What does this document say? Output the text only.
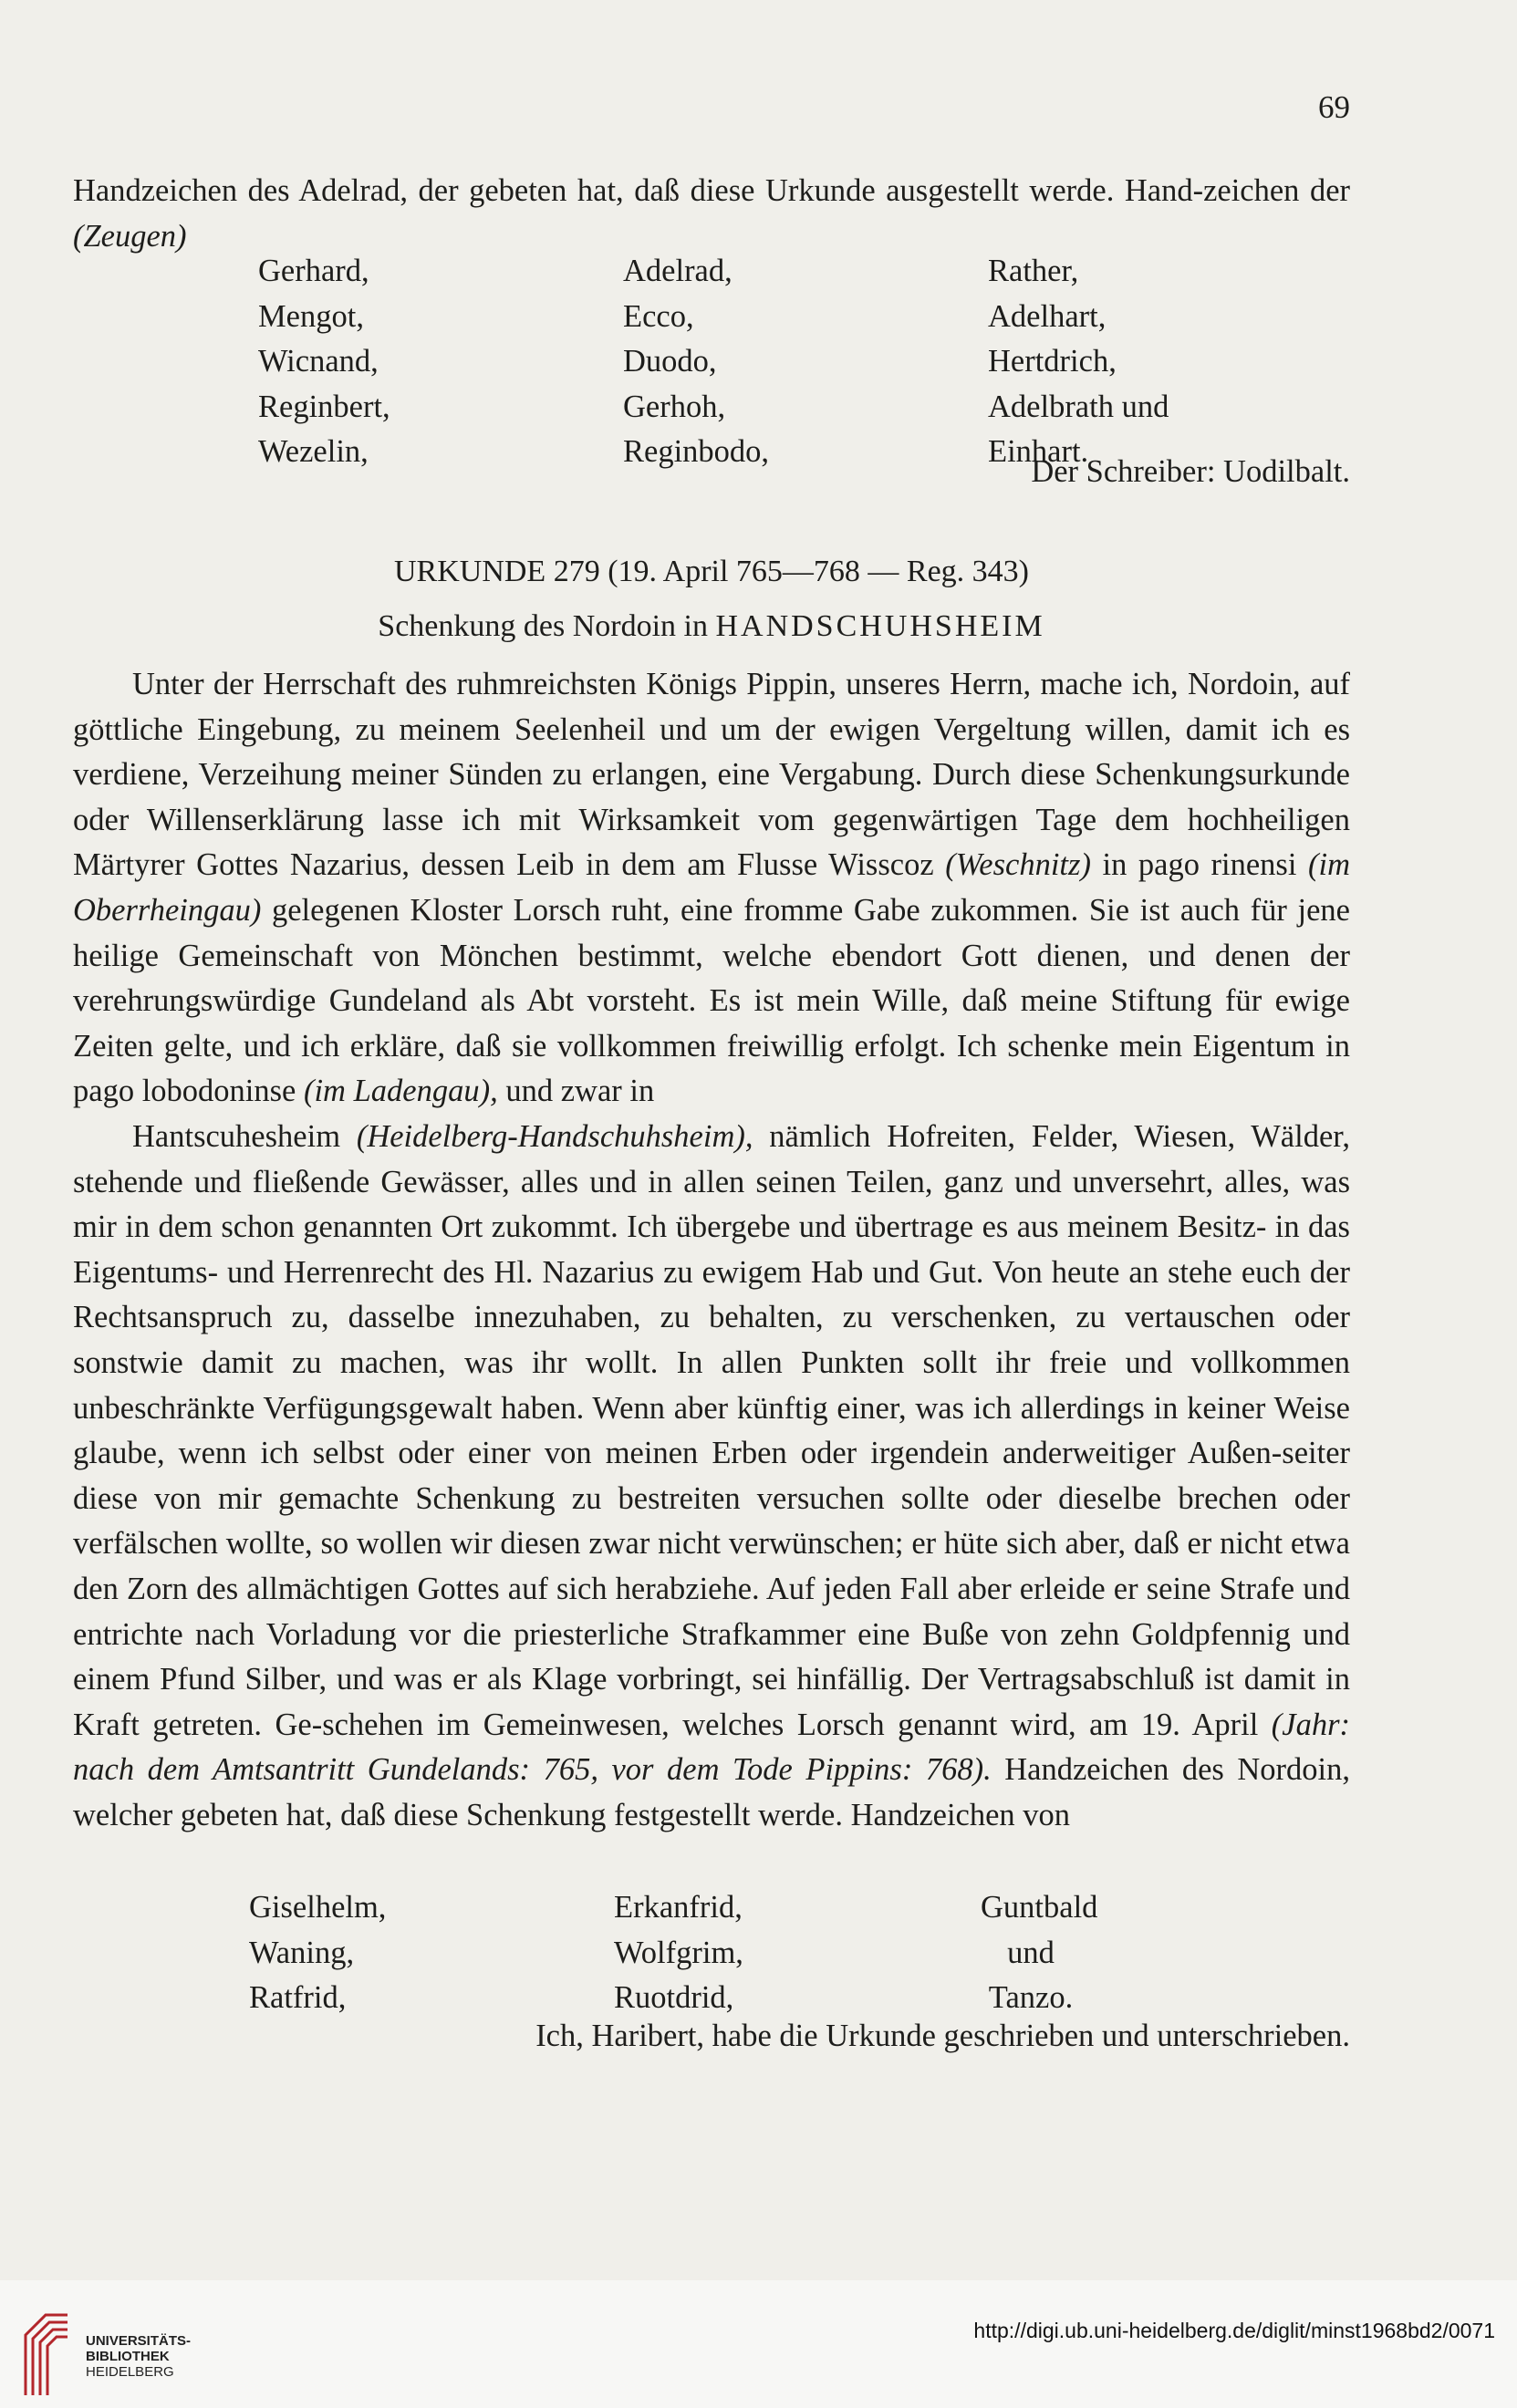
69

Handzeichen des Adelrad, der gebeten hat, daß diese Urkunde ausgestellt werde. Hand-zeichen der (Zeugen)

Gerhard,
Mengot,
Wicnand,
Reginbert,
Wezelin,
Adelrad,
Ecco,
Duodo,
Gerhoh,
Reginbodo,
Rather,
Adelhart,
Hertdrich,
Adelbrath und
Einhart.
Der Schreiber: Uodilbalt.
URKUNDE 279 (19. April 765—768 — Reg. 343)
Schenkung des Nordoin in HANDSCHUHSHEIM

Unter der Herrschaft des ruhmreichsten Königs Pippin, unseres Herrn, mache ich, Nordoin, auf göttliche Eingebung, zu meinem Seelenheil und um der ewigen Vergeltung willen, damit ich es verdiene, Verzeihung meiner Sünden zu erlangen, eine Vergabung. Durch diese Schenkungsurkunde oder Willenserklärung lasse ich mit Wirksamkeit vom gegenwärtigen Tage dem hochheiligen Märtyrer Gottes Nazarius, dessen Leib in dem am Flusse Wisscoz (Weschnitz) in pago rinensi (im Oberrheingau) gelegenen Kloster Lorsch ruht, eine fromme Gabe zukommen. Sie ist auch für jene heilige Gemeinschaft von Mönchen bestimmt, welche ebendort Gott dienen, und denen der verehrungswürdige Gundeland als Abt vorsteht. Es ist mein Wille, daß meine Stiftung für ewige Zeiten gelte, und ich erkläre, daß sie vollkommen freiwillig erfolgt. Ich schenke mein Eigentum in pago lobodoninse (im Ladengau), und zwar in

Hantscuhesheim (Heidelberg-Handschuhsheim), nämlich Hofreiten, Felder, Wiesen, Wälder, stehende und fließende Gewässer, alles und in allen seinen Teilen, ganz und unversehrt, alles, was mir in dem schon genannten Ort zukommt. Ich übergebe und übertrage es aus meinem Besitz- in das Eigentums- und Herrenrecht des Hl. Nazarius zu ewigem Hab und Gut. Von heute an stehe euch der Rechtsanspruch zu, dasselbe innezuhaben, zu behalten, zu verschenken, zu vertauschen oder sonstwie damit zu machen, was ihr wollt. In allen Punkten sollt ihr freie und vollkommen unbeschränkte Verfügungsgewalt haben. Wenn aber künftig einer, was ich allerdings in keiner Weise glaube, wenn ich selbst oder einer von meinen Erben oder irgendein anderweitiger Außen-seiter diese von mir gemachte Schenkung zu bestreiten versuchen sollte oder dieselbe brechen oder verfälschen wollte, so wollen wir diesen zwar nicht verwünschen; er hüte sich aber, daß er nicht etwa den Zorn des allmächtigen Gottes auf sich herabziehe. Auf jeden Fall aber erleide er seine Strafe und entrichte nach Vorladung vor die priesterliche Strafkammer eine Buße von zehn Goldpfennig und einem Pfund Silber, und was er als Klage vorbringt, sei hinfällig. Der Vertragsabschluß ist damit in Kraft getreten. Ge-schehen im Gemeinwesen, welches Lorsch genannt wird, am 19. April (Jahr: nach dem Amtsantritt Gundelands: 765, vor dem Tode Pippins: 768). Handzeichen des Nordoin, welcher gebeten hat, daß diese Schenkung festgestellt werde. Handzeichen von

Giselhelm,
Waning,
Ratfrid,
Erkanfrid,
Wolfgrim,
Ruotdrid,
Guntbald
und
Tanzo.
Ich, Haribert, habe die Urkunde geschrieben und unterschrieben.
UNIVERSITÄTS-
BIBLIOTHEK
HEIDELBERG
http://digi.ub.uni-heidelberg.de/diglit/minst1968bd2/0071
